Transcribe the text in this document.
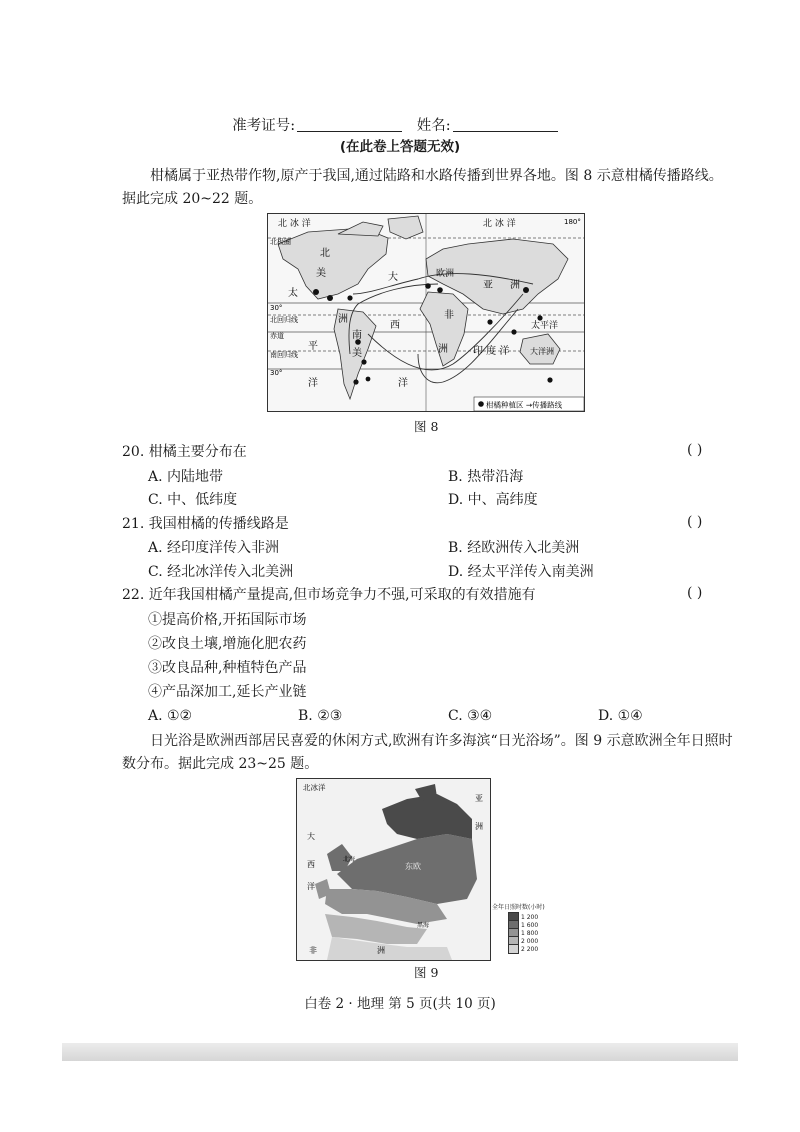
准考证号:	姓名:
(在此卷上答题无效)
柑橘属于亚热带作物,原产于我国,通过陆路和水路传播到世界各地。图 8 示意柑橘传播路线。据此完成 20~22 题。
北 冰 洋	北 冰 洋	180°
北极圈
30°
北回归线
赤道
南回归线
30°
北
美	大
太
洲
南
西
美
平
洋	洋
欧洲
亚 洲
非
洲	印 度 洋
太平洋
大洋洲
柑橘种植区 →传播路线
图 8
20. 柑橘主要分布在	( )
A. 内陆地带	B. 热带沿海
C. 中、低纬度	D. 中、高纬度
21. 我国柑橘的传播线路是	( )
A. 经印度洋传入非洲	B. 经欧洲传入北美洲
C. 经北冰洋传入北美洲	D. 经太平洋传入南美洲
22. 近年我国柑橘产量提高,但市场竞争力不强,可采取的有效措施有	( )
①提高价格,开拓国际市场
②改良土壤,增施化肥农药
③改良品种,种植特色产品
④产品深加工,延长产业链
A. ①②	B. ②③	C. ③④	D. ①④
日光浴是欧洲西部居民喜爱的休闲方式,欧洲有许多海滨“日光浴场”。图 9 示意欧洲全年日照时数分布。据此完成 23~25 题。
北冰洋
亚
洲
大
西
洋
北海
东欧
黑海
非	洲
全年日照时数(小时)
1 200
1 600
1 800
2 000
2 200
图 9
白卷 2 · 地理 第 5 页(共 10 页)
